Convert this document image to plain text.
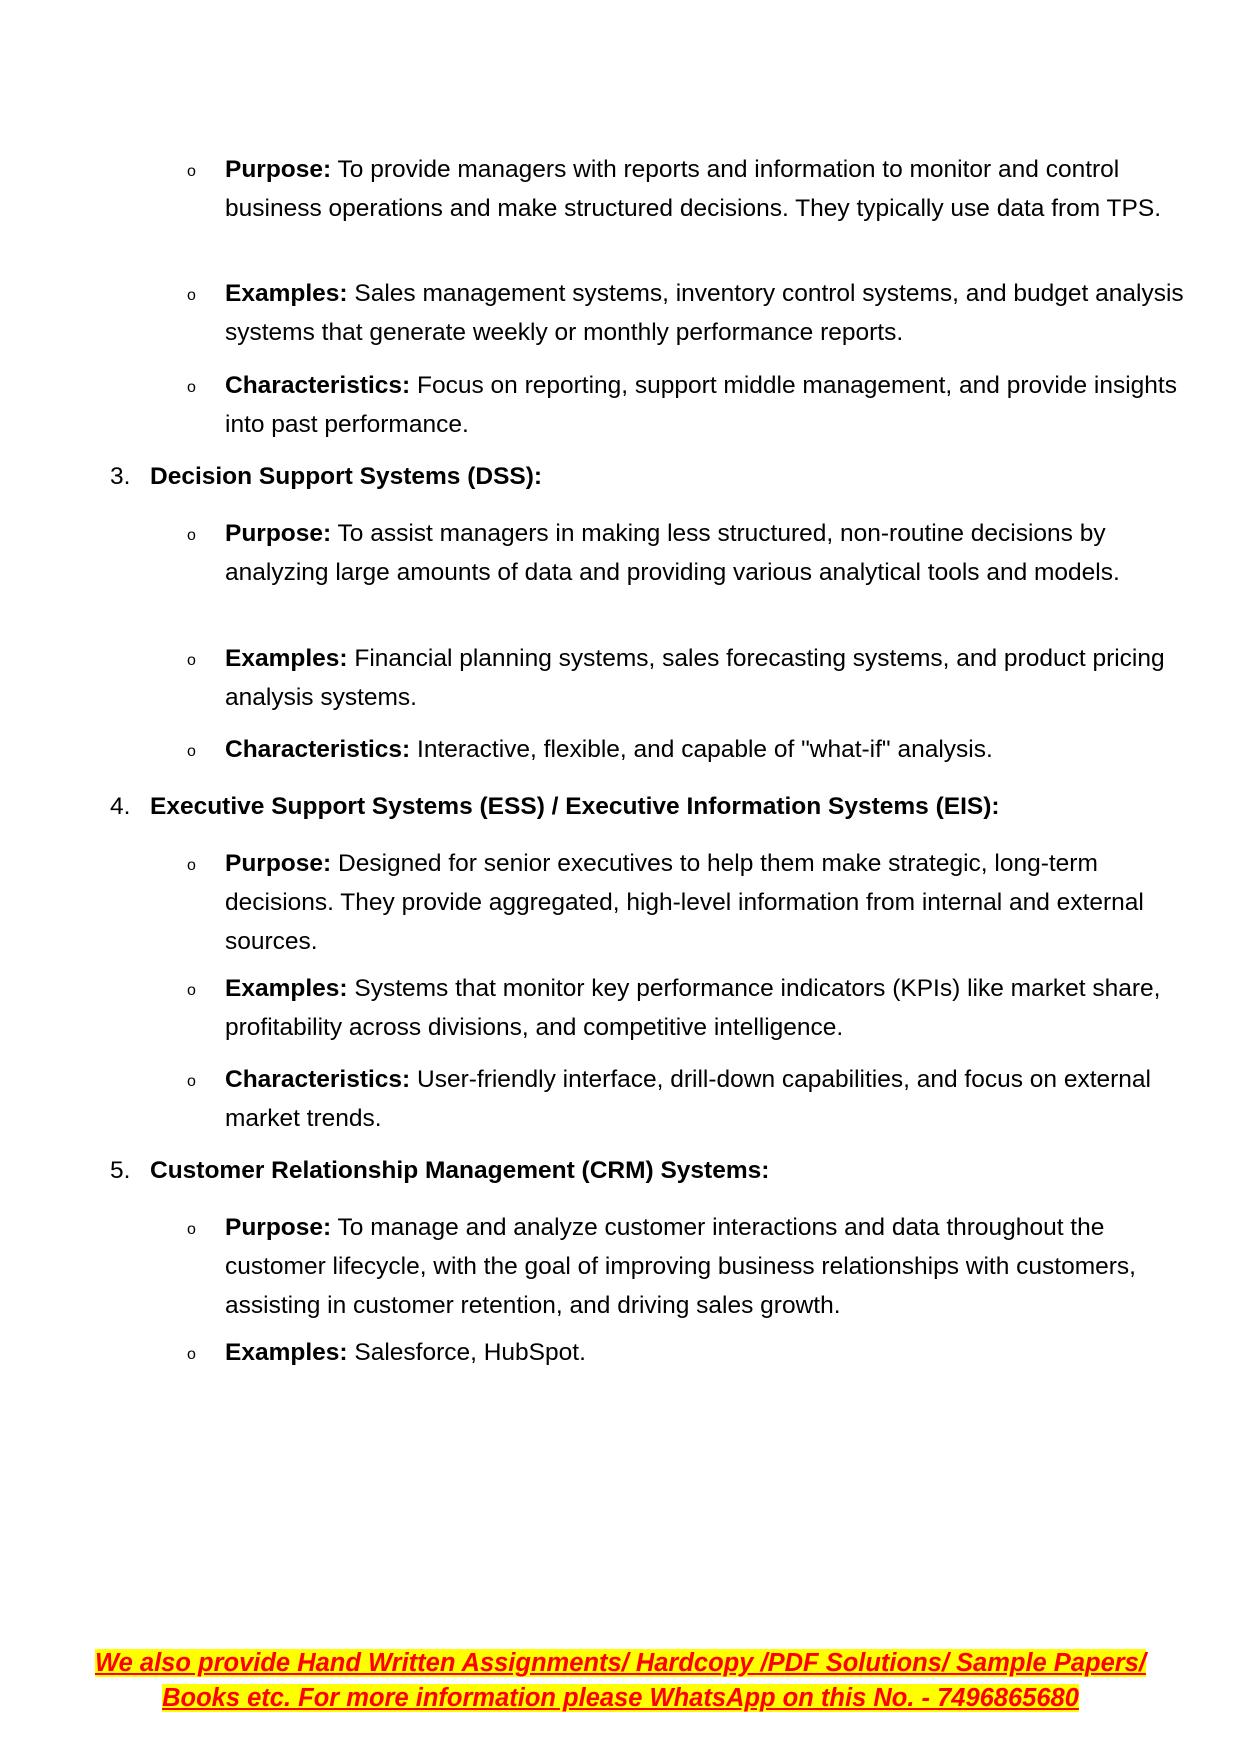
o Purpose: To provide managers with reports and information to monitor and control business operations and make structured decisions. They typically use data from TPS.
o Examples: Sales management systems, inventory control systems, and budget analysis systems that generate weekly or monthly performance reports.
o Characteristics: Focus on reporting, support middle management, and provide insights into past performance.
3. Decision Support Systems (DSS):
o Purpose: To assist managers in making less structured, non-routine decisions by analyzing large amounts of data and providing various analytical tools and models.
o Examples: Financial planning systems, sales forecasting systems, and product pricing analysis systems.
o Characteristics: Interactive, flexible, and capable of "what-if" analysis.
4. Executive Support Systems (ESS) / Executive Information Systems (EIS):
o Purpose: Designed for senior executives to help them make strategic, long-term decisions. They provide aggregated, high-level information from internal and external sources.
o Examples: Systems that monitor key performance indicators (KPIs) like market share, profitability across divisions, and competitive intelligence.
o Characteristics: User-friendly interface, drill-down capabilities, and focus on external market trends.
5. Customer Relationship Management (CRM) Systems:
o Purpose: To manage and analyze customer interactions and data throughout the customer lifecycle, with the goal of improving business relationships with customers, assisting in customer retention, and driving sales growth.
o Examples: Salesforce, HubSpot.
We also provide Hand Written Assignments/ Hardcopy /PDF Solutions/ Sample Papers/
Books etc. For more information please WhatsApp on this No. - 7496865680
